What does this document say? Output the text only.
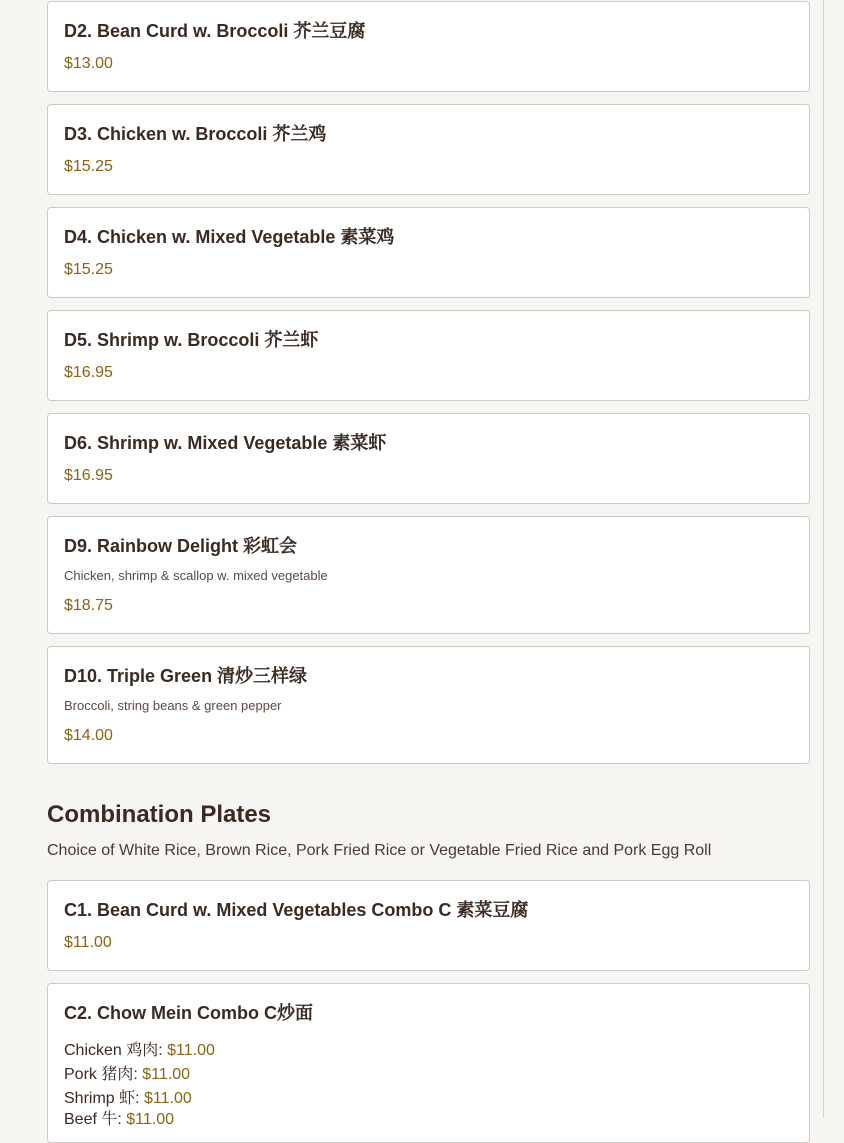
D2. Bean Curd w. Broccoli 芥兰豆腐
$13.00
D3. Chicken w. Broccoli 芥兰鸡
$15.25
D4. Chicken w. Mixed Vegetable 素菜鸡
$15.25
D5. Shrimp w. Broccoli 芥兰虾
$16.95
D6. Shrimp w. Mixed Vegetable 素菜虾
$16.95
D9. Rainbow Delight 彩虹会
Chicken, shrimp & scallop w. mixed vegetable
$18.75
D10. Triple Green 清炒三样绿
Broccoli, string beans & green pepper
$14.00
Combination Plates
Choice of White Rice, Brown Rice, Pork Fried Rice or Vegetable Fried Rice and Pork Egg Roll
C1. Bean Curd w. Mixed Vegetables Combo C 素菜豆腐
$11.00
C2. Chow Mein Combo C炒面
Chicken 鸡肉: $11.00
Pork 猪肉: $11.00
Shrimp 虾: $11.00
Beef 牛: $11.00
